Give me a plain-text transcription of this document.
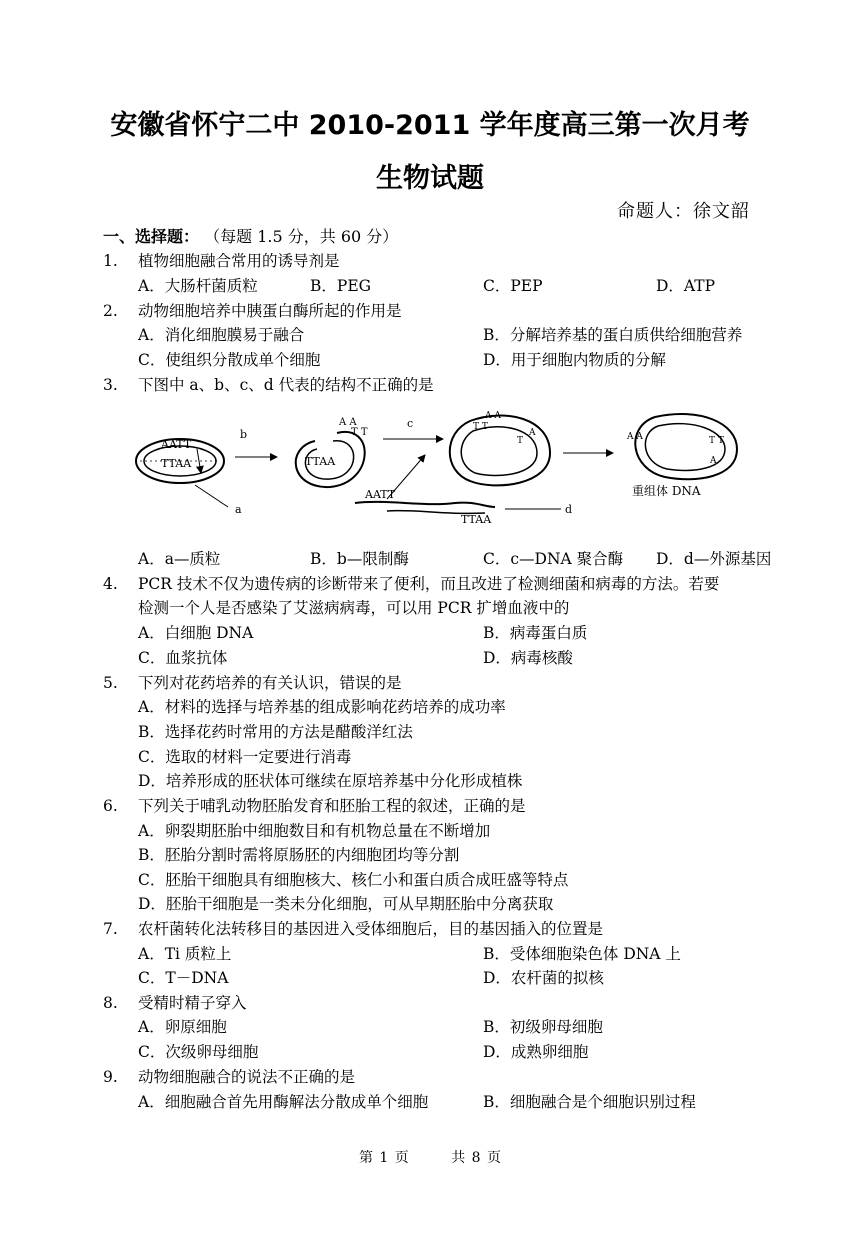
安徽省怀宁二中 2010-2011 学年度高三第一次月考
生物试题
命题人：徐文韶
一、选择题： （每题 1.5 分，共 60 分）
1. 植物细胞融合常用的诱导剂是
A．大肠杆菌质粒	B．PEG	C．PEP	D．ATP
2. 动物细胞培养中胰蛋白酶所起的作用是
A．消化细胞膜易于融合	B．分解培养基的蛋白质供给细胞营养
C．使组织分散成单个细胞	D．用于细胞内物质的分解
3. 下图中 a、b、c、d 代表的结构不正确的是
AATT
TTAA
a
b
TTAA
A A
T T
c	T T
A A
T
A
AATT
TTAA
d
A A	T T
A
重组体 DNA
A．a—质粒	B．b—限制酶	C．c—DNA 聚合酶 D．d—外源基因
4. PCR 技术不仅为遗传病的诊断带来了便利，而且改进了检测细菌和病毒的方法。若要
检测一个人是否感染了艾滋病病毒，可以用 PCR 扩增血液中的
A．白细胞 DNA	B．病毒蛋白质
C．血浆抗体	D．病毒核酸
5. 下列对花药培养的有关认识，错误的是
A．材料的选择与培养基的组成影响花药培养的成功率
B．选择花药时常用的方法是醋酸洋红法
C．选取的材料一定要进行消毒
D．培养形成的胚状体可继续在原培养基中分化形成植株
6. 下列关于哺乳动物胚胎发育和胚胎工程的叙述，正确的是
A．卵裂期胚胎中细胞数目和有机物总量在不断增加
B．胚胎分割时需将原肠胚的内细胞团均等分割
C．胚胎干细胞具有细胞核大、核仁小和蛋白质合成旺盛等特点
D．胚胎干细胞是一类未分化细胞，可从早期胚胎中分离获取
7. 农杆菌转化法转移目的基因进入受体细胞后，目的基因插入的位置是
A．Ti 质粒上	B．受体细胞染色体 DNA 上
C．T－DNA	D．农杆菌的拟核
8. 受精时精子穿入
A．卵原细胞	B．初级卵母细胞
C．次级卵母细胞	D．成熟卵细胞
9. 动物细胞融合的说法不正确的是
A．细胞融合首先用酶解法分散成单个细胞	B．细胞融合是个细胞识别过程
第 1 页	共 8 页
